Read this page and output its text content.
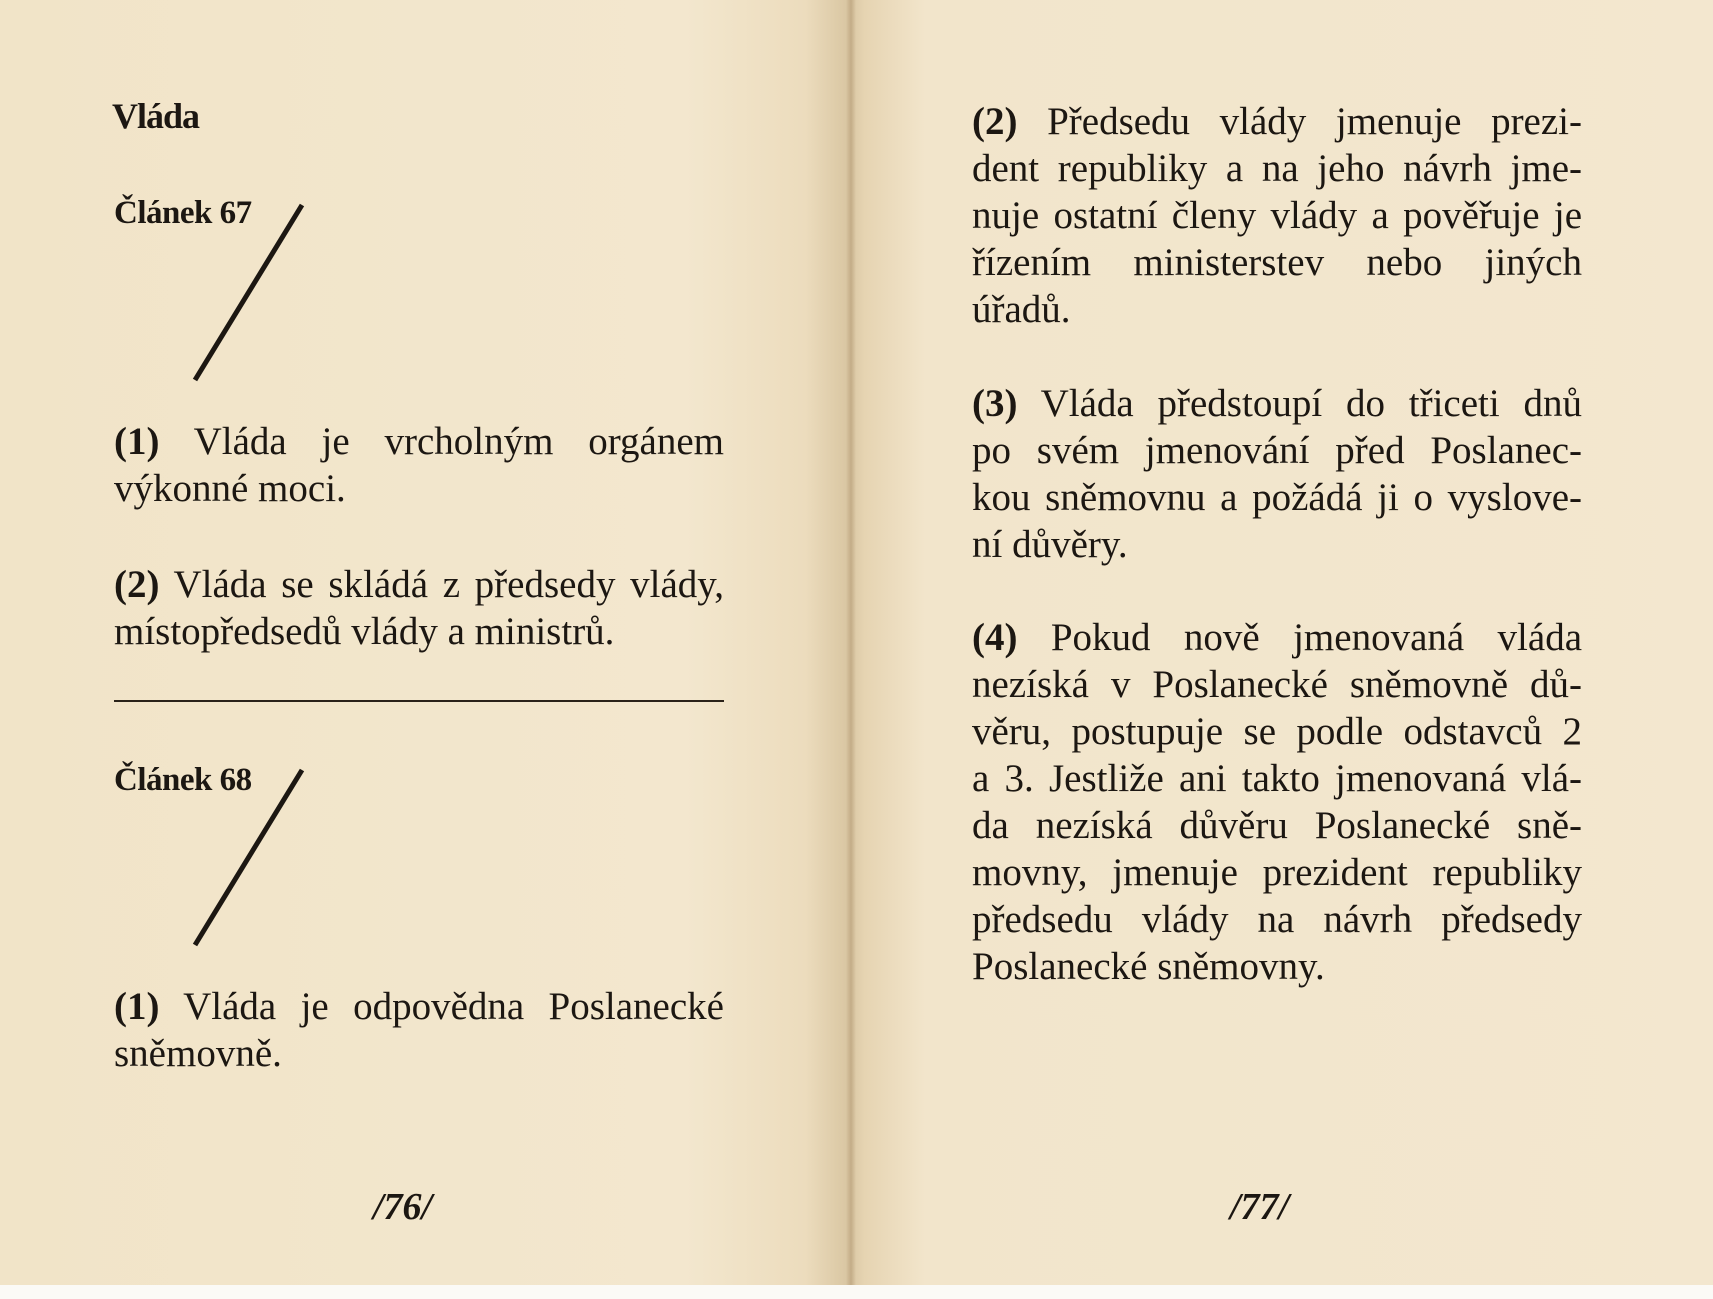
Vláda
Článek 67
(1) Vláda je vrcholným orgánem
výkonné moci.
(2) Vláda se skládá z předsedy vlády,
místopředsedů vlády a ministrů.
Článek 68
(1) Vláda je odpovědna Poslanecké
sněmovně.
/76/
(2) Předsedu vlády jmenuje prezi-
dent republiky a na jeho návrh jme-
nuje ostatní členy vlády a pověřuje je
řízením ministerstev nebo jiných
úřadů.
(3) Vláda předstoupí do třiceti dnů
po svém jmenování před Poslanec-
kou sněmovnu a požádá ji o vyslove-
ní důvěry.
(4) Pokud nově jmenovaná vláda
nezíská v Poslanecké sněmovně dů-
věru, postupuje se podle odstavců 2
a 3. Jestliže ani takto jmenovaná vlá-
da nezíská důvěru Poslanecké sně-
movny, jmenuje prezident republiky
předsedu vlády na návrh předsedy
Poslanecké sněmovny.
/77/
